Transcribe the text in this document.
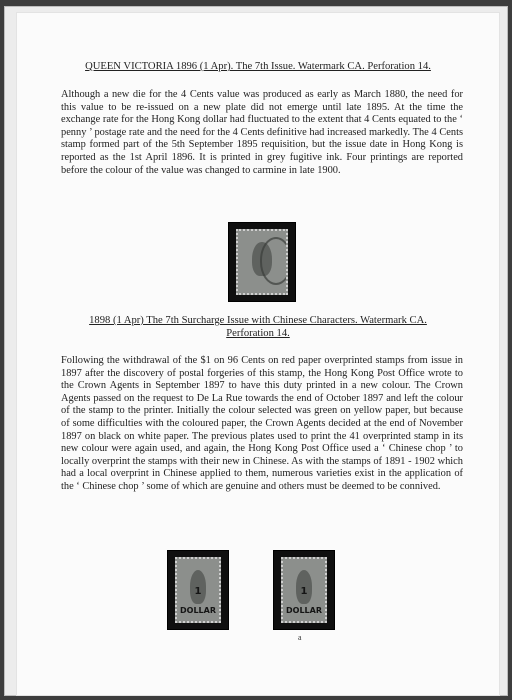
QUEEN VICTORIA 1896 (1 Apr). The 7th Issue. Watermark CA. Perforation 14.

Although a new die for the 4 Cents value was produced as early as March 1880, the need for this value to be re-issued on a new plate did not emerge until late 1895. At the time the exchange rate for the Hong Kong dollar had fluctuated to the extent that 4 Cents equated to the ‘ penny ’ postage rate and the need for the 4 Cents definitive had increased markedly. The 4 Cents stamp formed part of the 5th September 1895 requisition, but the issue date in Hong Kong is reported as the 1st April 1896. It is printed in grey fugitive ink. Four printings are reported before the colour of the value was changed to carmine in late 1900.

1898 (1 Apr) The 7th Surcharge Issue with Chinese Characters. Watermark CA.
Perforation 14.

Following the withdrawal of the $1 on 96 Cents on red paper overprinted stamps from issue in 1897 after the discovery of postal forgeries of this stamp, the Hong Kong Post Office wrote to the Crown Agents in September 1897 to have this duty printed in a new colour. The Crown Agents passed on the request to De La Rue towards the end of October 1897 and left the colour of the stamp to the printer. Initially the colour selected was green on yellow paper, but because of some difficulties with the coloured paper, the Crown Agents decided at the end of November 1897 on black on white paper. The previous plates used to print the 41 overprinted stamp in its new colour were again used, and again, the Hong Kong Post Office used a ‘ Chinese chop ’ to locally overprint the stamps with their new in Chinese. As with the stamps of 1891 - 1902 which had a local overprint in Chinese applied to them, numerous varieties exist in the application of the ‘ Chinese chop ’ some of which are genuine and others must be deemed to be connived.

1
DOLLAR
1
DOLLAR
a
